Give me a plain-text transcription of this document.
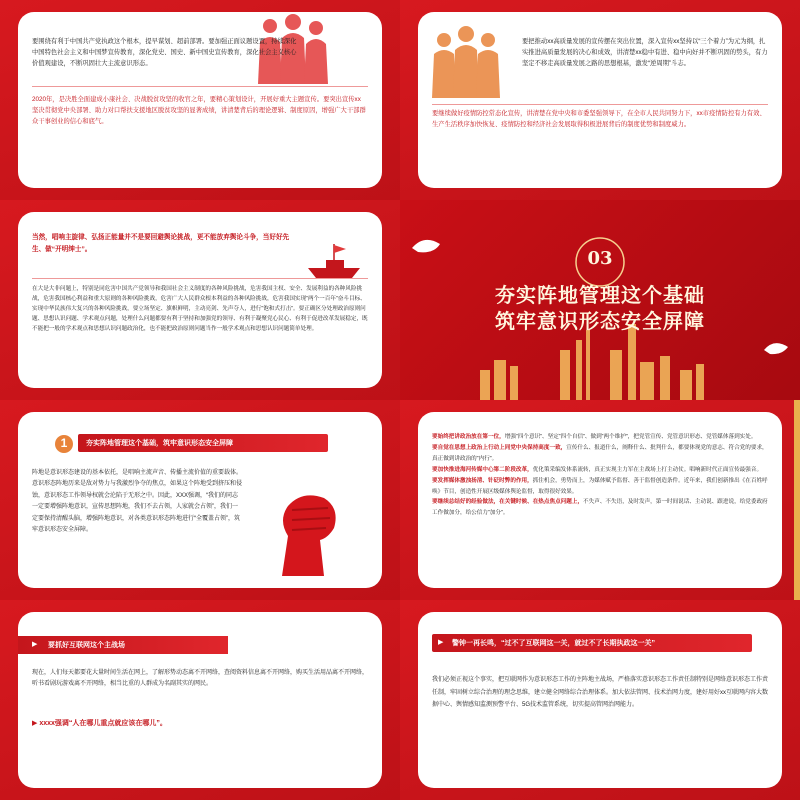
要围绕有利于中国共产党执政这个根本，提早谋划、超前部署。要加强正面议题设置，持续深化中国特色社会主义和中国梦宣传教育，深化党史、国史、新中国史宣传教育，深化社会主义核心价值观建设，不断巩固壮大主流意识形态。

2020年，是决胜全面建成小康社会、决战脱贫攻坚的收官之年，要精心策划设计，开展好重大主题宣传。要突出宣传xx坚决贯彻党中央部署、助力对口帮扶支援地区脱贫攻坚的显著成绩，讲清楚背后的理论逻辑、制度原因，增强广大干部群众干事创业的信心和底气。

要把推动xx高质量发展的宣传摆在突出位置，深入宣传xx坚持以“三个着力”为元为纲，扎实推进高质量发展的决心和成效，讲清楚xx稳中有进、稳中向好并不断巩固的势头，有力坚定不移走高质量发展之路的思想根基，激发“逆周期”斗志。

要继续做好疫情防控常态化宣传，讲清楚在党中央和市委坚强领导下，在全市人民共同努力下，xx市疫情防控有力有效、生产生活秩序加快恢复、疫情防控和经济社会发展取得积极进展背后的制度优势和制度威力。

当然，唱响主旋律、弘扬正能量并不是要回避舆论挑战，更不能放弃舆论斗争，当好好先生、做“开明绅士”。

在大是大非问题上，特别是同危害中国共产党领导和我国社会主义制度的各种风险挑战，危害我国主权、安全、发展利益的各种风险挑战，危害我国核心利益和重大原则的各种风险挑战，危害广大人民群众根本利益的各种风险挑战，危害我国实现“两个一百年”奋斗目标、实现中华民族伟大复兴的各种风险挑战，要立场坚定、旗帜鲜明，主动亮剑、先声夺人，进行“饱和式打击”。要正确区分处理政治原则问题、思想认识问题、学术观点问题，处理什么问题都要有利于坚持和加强党的领导、有利于凝聚党心民心、有利于促进改革发展稳定，既不能把一般的学术观点和思想认识问题政治化，也不能把政治原则问题当作一般学术观点和思想认识问题简单处理。

03
夯实阵地管理这个基础
筑牢意识形态安全屏障
1	夯实阵地管理这个基础，筑牢意识形态安全屏障

阵地是意识形态建设的基本依托，是唱响主流声音、传播主流价值的重要载体。意识形态阵地历来是敌对势力与我激烈争夺的焦点，如果这个阵地受到挤压和侵蚀，意识形态工作领导权就会沦陷于无形之中。因此，XXX强调，“我们的同志一定要增强阵地意识，宣传思想阵地，我们不去占领，人家就会占领”，我们一定要保持清醒头脑，增强阵地意识，对各类意识形态阵地进行“全覆盖占领”，筑牢意识形态安全屏障。

要始终把讲政治放在第一位，增强“四个意识”、坚定“四个自信”、做到“两个维护”，把党管宣传、党管意识形态、党管媒体落到实处。
要自觉在思想上政治上行动上同党中央保持高度一致，宣传什么、报道什么，阐释什么、批判什么，都要体现党的意志、符合党的要求，真正做到讲政治的“内行”。
要加快推进海河传媒中心第二阶段改革，优化策采编发体系流转，真正实现主力军在主战场上打主动仗。唱响新时代正面宣传最强音。
要发挥媒体激浊扬清、针砭时弊的作用，抓住机会，勇势而上，为媒体赋予监督、善于监督创造条件。近年来，我们创新推出《在百姓呼唤》节目，创造性开展区级媒体舆论监督，取得很好效果。
要继续总结好的经验做法，在关键时候、在热点焦点问题上，不失声、不失语，及时发声，第一时间说话、主动说、跟进说，给党委政府工作做加分，给公信力“加分”。
要抓好互联网这个主战场
▶

现在，人们每天都要花大量时间生活在网上，了解形势动态离不开网络，查阅资料信息离不开网络，购买生活用品离不开网络，听书看剧玩游戏离不开网络，相当比重的人群成为名副其实的网民。

▶ xxxx强调“人在哪儿重点就应该在哪儿”。
▶ 警钟一再长鸣，“过不了互联网这一关，就过不了长期执政这一关”

我们必须正视这个事实，把互联网作为意识形态工作的主阵地主战场，严格落实意识形态工作责任制特别是网络意识形态工作责任制，牢固树立综合治理的理念思维，建立健全网络综合治理体系。加大依法管网、技术治网力度，建好用好xx互联网内容大数据中心、舆情感知监测预警平台、5G技术监管系统，切实提高管网治网能力。
